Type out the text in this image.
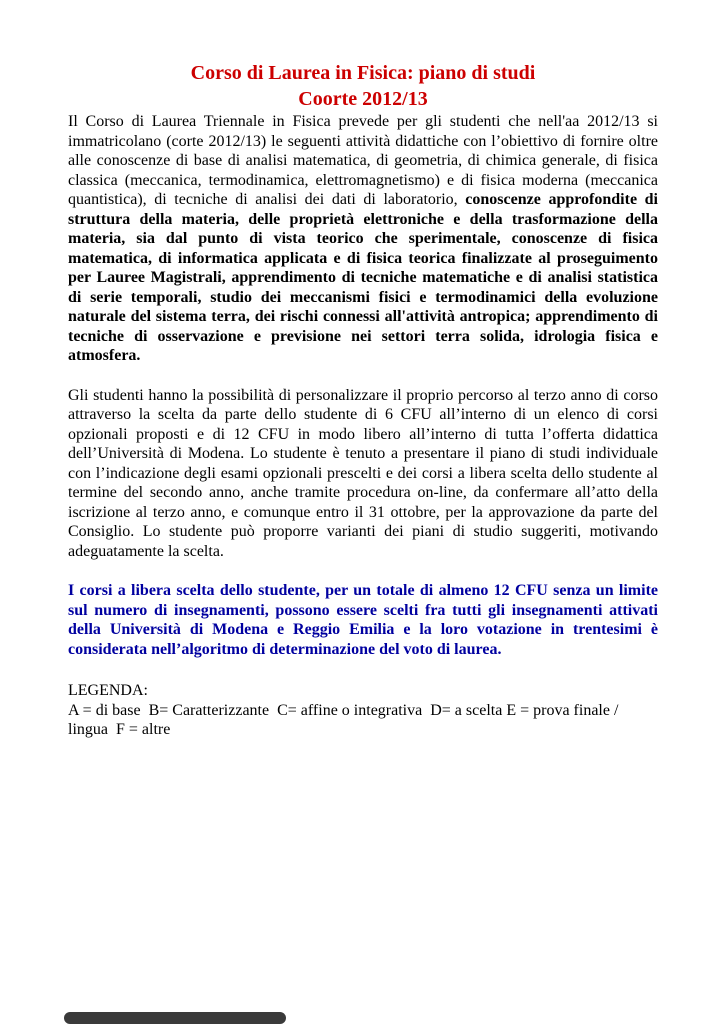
Corso di Laurea in Fisica: piano di studi
Coorte 2012/13

Il Corso di Laurea Triennale in Fisica prevede per gli studenti che nell'aa 2012/13 si immatricolano (corte 2012/13) le seguenti attività didattiche con l’obiettivo di fornire oltre alle conoscenze di base di analisi matematica, di geometria, di chimica generale, di fisica classica (meccanica, termodinamica, elettromagnetismo) e di fisica moderna (meccanica quantistica), di tecniche di analisi dei dati di laboratorio, conoscenze approfondite di struttura della materia, delle proprietà elettroniche e della trasformazione della materia, sia dal punto di vista teorico che sperimentale, conoscenze di fisica matematica, di informatica applicata e di fisica teorica finalizzate al proseguimento per Lauree Magistrali, apprendimento di tecniche matematiche e di analisi statistica di serie temporali, studio dei meccanismi fisici e termodinamici della evoluzione naturale del sistema terra, dei rischi connessi all'attività antropica; apprendimento di tecniche di osservazione e previsione nei settori terra solida, idrologia fisica e atmosfera.

Gli studenti hanno la possibilità di personalizzare il proprio percorso al terzo anno di corso attraverso la scelta da parte dello studente di 6 CFU all’interno di un elenco di corsi opzionali proposti e di 12 CFU in modo libero all’interno di tutta l’offerta didattica dell’Università di Modena. Lo studente è tenuto a presentare il piano di studi individuale con l’indicazione degli esami opzionali prescelti e dei corsi a libera scelta dello studente al termine del secondo anno, anche tramite procedura on-line, da confermare all’atto della iscrizione al terzo anno, e comunque entro il 31 ottobre, per la approvazione da parte del Consiglio. Lo studente può proporre varianti dei piani di studio suggeriti, motivando adeguatamente la scelta.

I corsi a libera scelta dello studente, per un totale di almeno 12 CFU senza un limite sul numero di insegnamenti, possono essere scelti fra tutti gli insegnamenti attivati della Università di Modena e Reggio Emilia e la loro votazione in trentesimi è considerata nell’algoritmo di determinazione del voto di laurea.

LEGENDA:

A = di base  B= Caratterizzante  C= affine o integrativa  D= a scelta E = prova finale / lingua  F = altre
